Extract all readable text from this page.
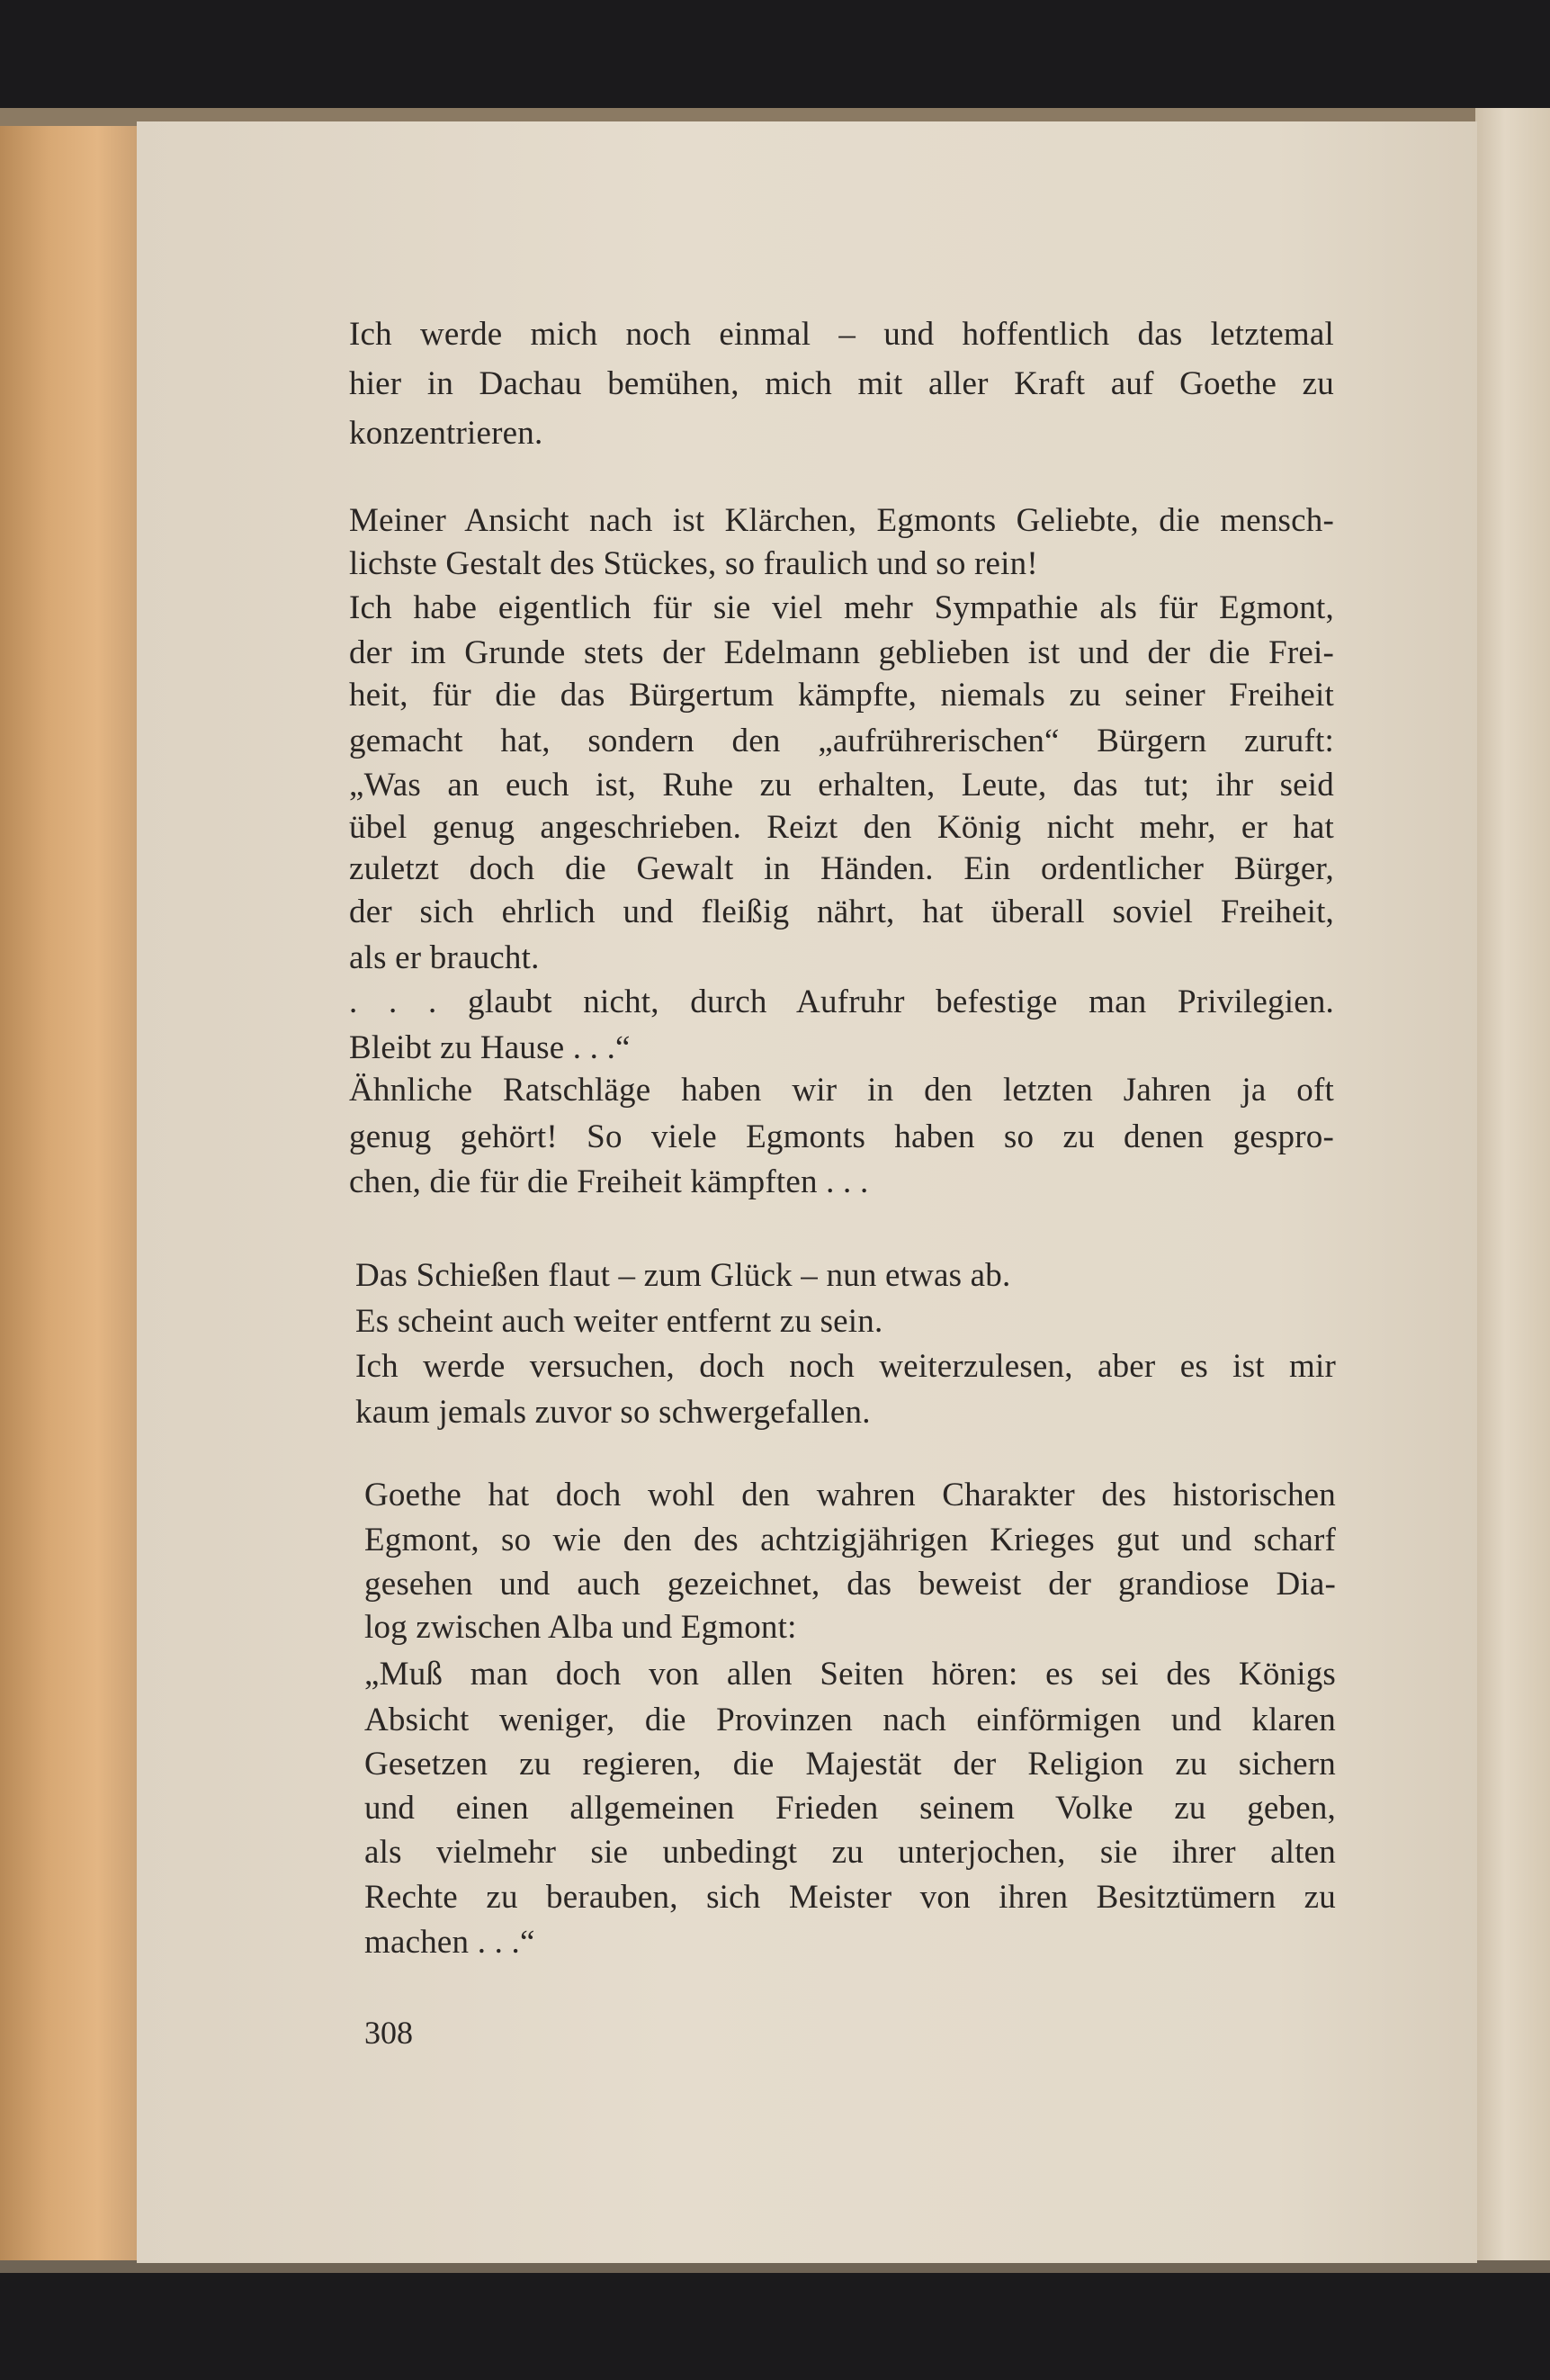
Ich werde mich noch einmal – und hoffentlich das letztemal
hier in Dachau bemühen, mich mit aller Kraft auf Goethe zu
konzentrieren.
Meiner Ansicht nach ist Klärchen, Egmonts Geliebte, die mensch-
lichste Gestalt des Stückes, so fraulich und so rein!
Ich habe eigentlich für sie viel mehr Sympathie als für Egmont,
der im Grunde stets der Edelmann geblieben ist und der die Frei-
heit, für die das Bürgertum kämpfte, niemals zu seiner Freiheit
gemacht hat, sondern den „aufrührerischen“ Bürgern zuruft:
„Was an euch ist, Ruhe zu erhalten, Leute, das tut; ihr seid
übel genug angeschrieben. Reizt den König nicht mehr, er hat
zuletzt doch die Gewalt in Händen. Ein ordentlicher Bürger,
der sich ehrlich und fleißig nährt, hat überall soviel Freiheit,
als er braucht.
. . . glaubt nicht, durch Aufruhr befestige man Privilegien.
Bleibt zu Hause . . .“
Ähnliche Ratschläge haben wir in den letzten Jahren ja oft
genug gehört! So viele Egmonts haben so zu denen gespro-
chen, die für die Freiheit kämpften . . .
Das Schießen flaut – zum Glück – nun etwas ab.
Es scheint auch weiter entfernt zu sein.
Ich werde versuchen, doch noch weiterzulesen, aber es ist mir
kaum jemals zuvor so schwergefallen.
Goethe hat doch wohl den wahren Charakter des historischen
Egmont, so wie den des achtzigjährigen Krieges gut und scharf
gesehen und auch gezeichnet, das beweist der grandiose Dia-
log zwischen Alba und Egmont:
„Muß man doch von allen Seiten hören: es sei des Königs
Absicht weniger, die Provinzen nach einförmigen und klaren
Gesetzen zu regieren, die Majestät der Religion zu sichern
und einen allgemeinen Frieden seinem Volke zu geben,
als vielmehr sie unbedingt zu unterjochen, sie ihrer alten
Rechte zu berauben, sich Meister von ihren Besitztümern zu
machen . . .“
308
